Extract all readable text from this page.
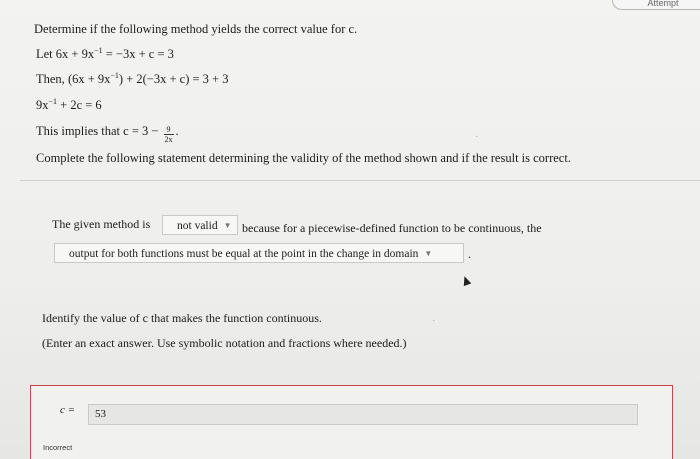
Attempt
Determine if the following method yields the correct value for c.
Let $6x + 9x^{-1} = -3x + c = 3$
Then, $(6x + 9x^{-1}) + 2(-3x + c) = 3 + 3$
$9x^{-1} + 2c = 6$
This implies that $c = 3 - \frac{9}{2x}$ .
Complete the following statement determining the validity of the method shown and if the result is correct.
The given method is	not valid ▼ because for a piecewise-defined function to be continuous, the
output for both functions must be equal at the point in the change in domain ▼	.
Identify the value of c that makes the function continuous.
(Enter an exact answer. Use symbolic notation and fractions where needed.)
·
·
c =	53
Incorrect
